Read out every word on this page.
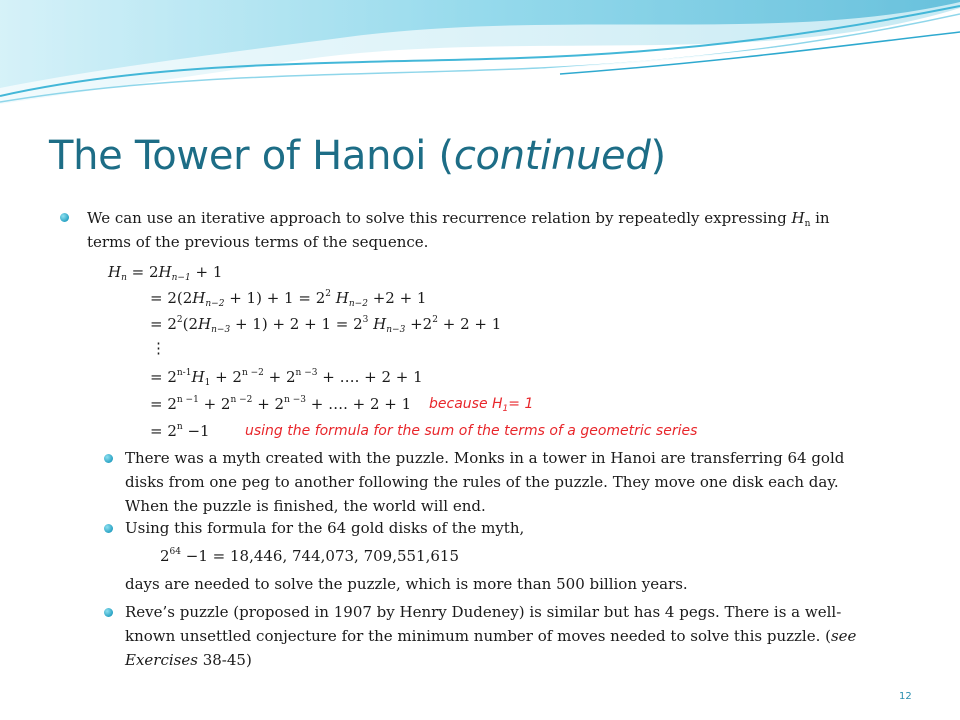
The Tower of Hanoi (continued)
We can use an iterative approach to solve this recurrence relation by repeatedly expressing $H_n$ in
terms of the previous terms of the sequence.
$H_n = 2H_{n-1} + 1$
= $2(2H_{n-2} + 1) + 1 = 2^2$ $H_{n-2} +2 + 1$
= $2^2(2H_{n-3} + 1) + 2 + 1 = 2^3$ $H_{n-3} +2^2 + 2 + 1$
⋮
= $2^{n-1}H_1 + 2^{n -2} + 2^{n -3}$ + …. + 2 + 1
= $2^{n -1} + 2^{n -2} + 2^{n -3}$ + …. + 2 + 1
= $2^n -1$
because $H_1= 1$
using the formula for the sum of the terms of a geometric series
There was a myth created with the puzzle. Monks in a tower in Hanoi are transferring 64 gold
disks from one peg to another following the rules of the puzzle. They move one disk each day.
When the puzzle is finished, the world will end.
Using this formula for the 64 gold disks of the myth,
$2^{64} -1 = 18,446$, 744,073, 709,551,615
days are needed to solve the puzzle, which is more than 500 billion years.
Reve’s puzzle (proposed in 1907 by Henry Dudeney) is similar but has 4 pegs. There is a well-
known unsettled conjecture for the minimum number of moves needed to solve this puzzle. (see
Exercises 38-45)
12
